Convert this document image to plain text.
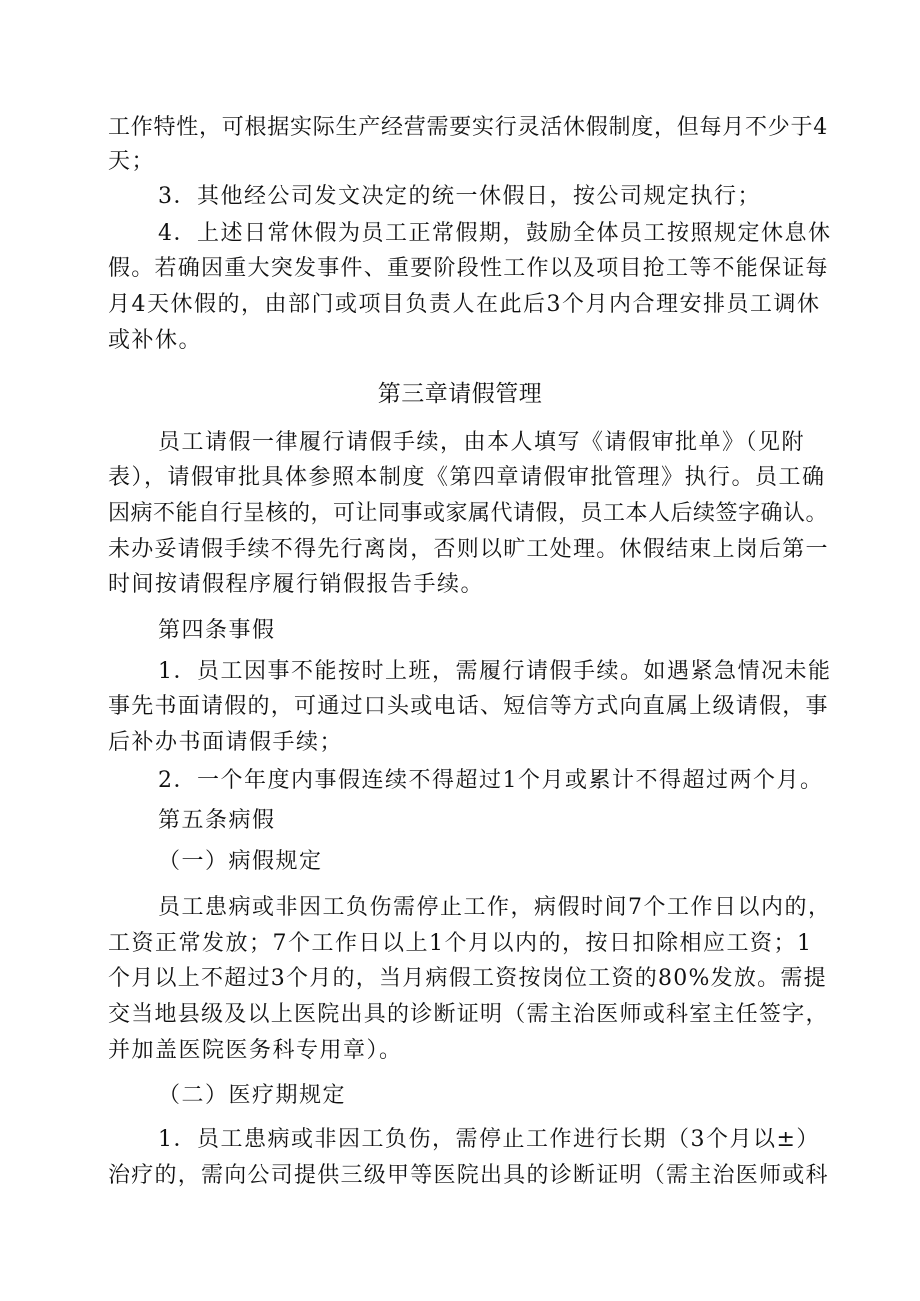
工作特性，可根据实际生产经营需要实行灵活休假制度，但每月不少于4
天；
3．其他经公司发文决定的统一休假日，按公司规定执行；
4．上述日常休假为员工正常假期，鼓励全体员工按照规定休息休
假。若确因重大突发事件、重要阶段性工作以及项目抢工等不能保证每
月4天休假的，由部门或项目负责人在此后3个月内合理安排员工调休
或补休。
第三章请假管理
员工请假一律履行请假手续，由本人填写《请假审批单》（见附
表），请假审批具体参照本制度《第四章请假审批管理》执行。员工确
因病不能自行呈核的，可让同事或家属代请假，员工本人后续签字确认。
未办妥请假手续不得先行离岗，否则以旷工处理。休假结束上岗后第一
时间按请假程序履行销假报告手续。
第四条事假
1．员工因事不能按时上班，需履行请假手续。如遇紧急情况未能
事先书面请假的，可通过口头或电话、短信等方式向直属上级请假，事
后补办书面请假手续；
2．一个年度内事假连续不得超过1个月或累计不得超过两个月。
第五条病假
（一）病假规定
员工患病或非因工负伤需停止工作，病假时间7个工作日以内的，
工资正常发放；7个工作日以上1个月以内的，按日扣除相应工资；1
个月以上不超过3个月的，当月病假工资按岗位工资的80%发放。需提
交当地县级及以上医院出具的诊断证明（需主治医师或科室主任签字，
并加盖医院医务科专用章）。
（二）医疗期规定
1．员工患病或非因工负伤，需停止工作进行长期（3个月以±）
治疗的，需向公司提供三级甲等医院出具的诊断证明（需主治医师或科
